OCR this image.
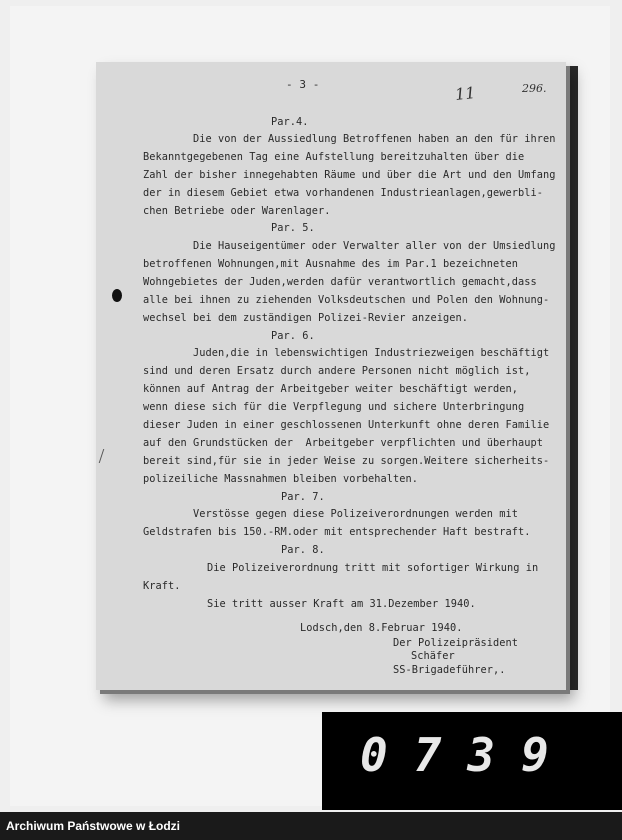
- 3 -	11	296.
Par.4.
Die von der Aussiedlung Betroffenen haben an den für ihren
Bekanntgegebenen Tag eine Aufstellung bereitzuhalten über die
Zahl der bisher innegehabten Räume und über die Art und den Umfang
der in diesem Gebiet etwa vorhandenen Industrieanlagen,gewerbli-
chen Betriebe oder Warenlager.
Par. 5.
Die Hauseigentümer oder Verwalter aller von der Umsiedlung
betroffenen Wohnungen,mit Ausnahme des im Par.1 bezeichneten
Wohngebietes der Juden,werden dafür verantwortlich gemacht,dass
alle bei ihnen zu ziehenden Volksdeutschen und Polen den Wohnung-
wechsel bei dem zuständigen Polizei-Revier anzeigen.
Par. 6.
Juden,die in lebenswichtigen Industriezweigen beschäftigt
sind und deren Ersatz durch andere Personen nicht möglich ist,
können auf Antrag der Arbeitgeber weiter beschäftigt werden,
wenn diese sich für die Verpflegung und sichere Unterbringung
dieser Juden in einer geschlossenen Unterkunft ohne deren Familie
auf den Grundstücken der  Arbeitgeber verpflichten und überhaupt
bereit sind,für sie in jeder Weise zu sorgen.Weitere sicherheits-
polizeiliche Massnahmen bleiben vorbehalten.
Par. 7.
Verstösse gegen diese Polizeiverordnungen werden mit
Geldstrafen bis 150.-RM.oder mit entsprechender Haft bestraft.
Par. 8.
Die Polizeiverordnung tritt mit sofortiger Wirkung in
Kraft.
Sie tritt ausser Kraft am 31.Dezember 1940.
Lodsch,den 8.Februar 1940.
Der Polizeipräsident
Schäfer
SS-Brigadeführer,.
0739
Archiwum Państwowe w Łodzi
